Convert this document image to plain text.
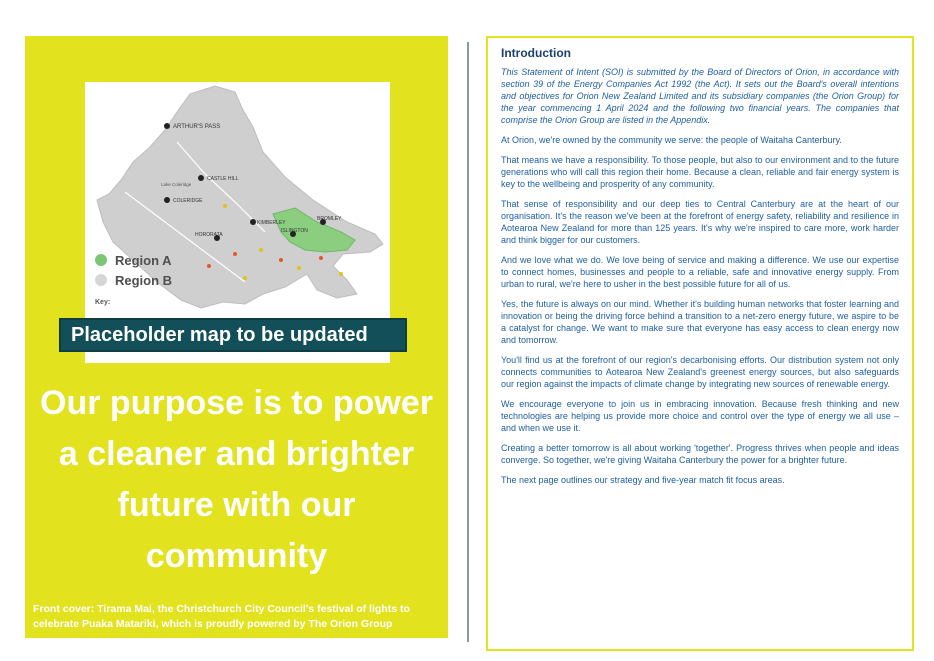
ARTHUR'S PASS
CASTLE HILL
Lake Coleridge
COLERIDGE
KIMBERLEY
HORORATA
ISLINGTON
BROMLEY
Region A
Region B
Key:
Placeholder map to be updated
Our purpose is to power
a cleaner and brighter
future with our
community
Front cover: Tirama Mai, the Christchurch City Council's festival of lights to
celebrate Puaka Matariki, which is proudly powered by The Orion Group
Introduction

This Statement of Intent (SOI) is submitted by the Board of Directors of Orion, in accordance with section 39 of the Energy Companies Act 1992 (the Act). It sets out the Board's overall intentions and objectives for Orion New Zealand Limited and its subsidiary companies (the Orion Group) for the year commencing 1 April 2024 and the following two financial years. The companies that comprise the Orion Group are listed in the Appendix.

At Orion, we're owned by the community we serve: the people of Waitaha Canterbury.

That means we have a responsibility. To those people, but also to our environment and to the future generations who will call this region their home. Because a clean, reliable and fair energy system is key to the wellbeing and prosperity of any community.

That sense of responsibility and our deep ties to Central Canterbury are at the heart of our organisation. It's the reason we've been at the forefront of energy safety, reliability and resilience in Aotearoa New Zealand for more than 125 years. It's why we're inspired to care more, work harder and think bigger for our customers.

And we love what we do. We love being of service and making a difference. We use our expertise to connect homes, businesses and people to a reliable, safe and innovative energy supply. From urban to rural, we're here to usher in the best possible future for all of us.

Yes, the future is always on our mind. Whether it's building human networks that foster learning and innovation or being the driving force behind a transition to a net-zero energy future, we aspire to be a catalyst for change. We want to make sure that everyone has easy access to clean energy now and tomorrow.

You'll find us at the forefront of our region's decarbonising efforts. Our distribution system not only connects communities to Aotearoa New Zealand's greenest energy sources, but also safeguards our region against the impacts of climate change by integrating new sources of renewable energy.

We encourage everyone to join us in embracing innovation. Because fresh thinking and new technologies are helping us provide more choice and control over the type of energy we all use – and when we use it.

Creating a better tomorrow is all about working 'together'. Progress thrives when people and ideas converge. So together, we're giving Waitaha Canterbury the power for a brighter future.

The next page outlines our strategy and five-year match fit focus areas.
